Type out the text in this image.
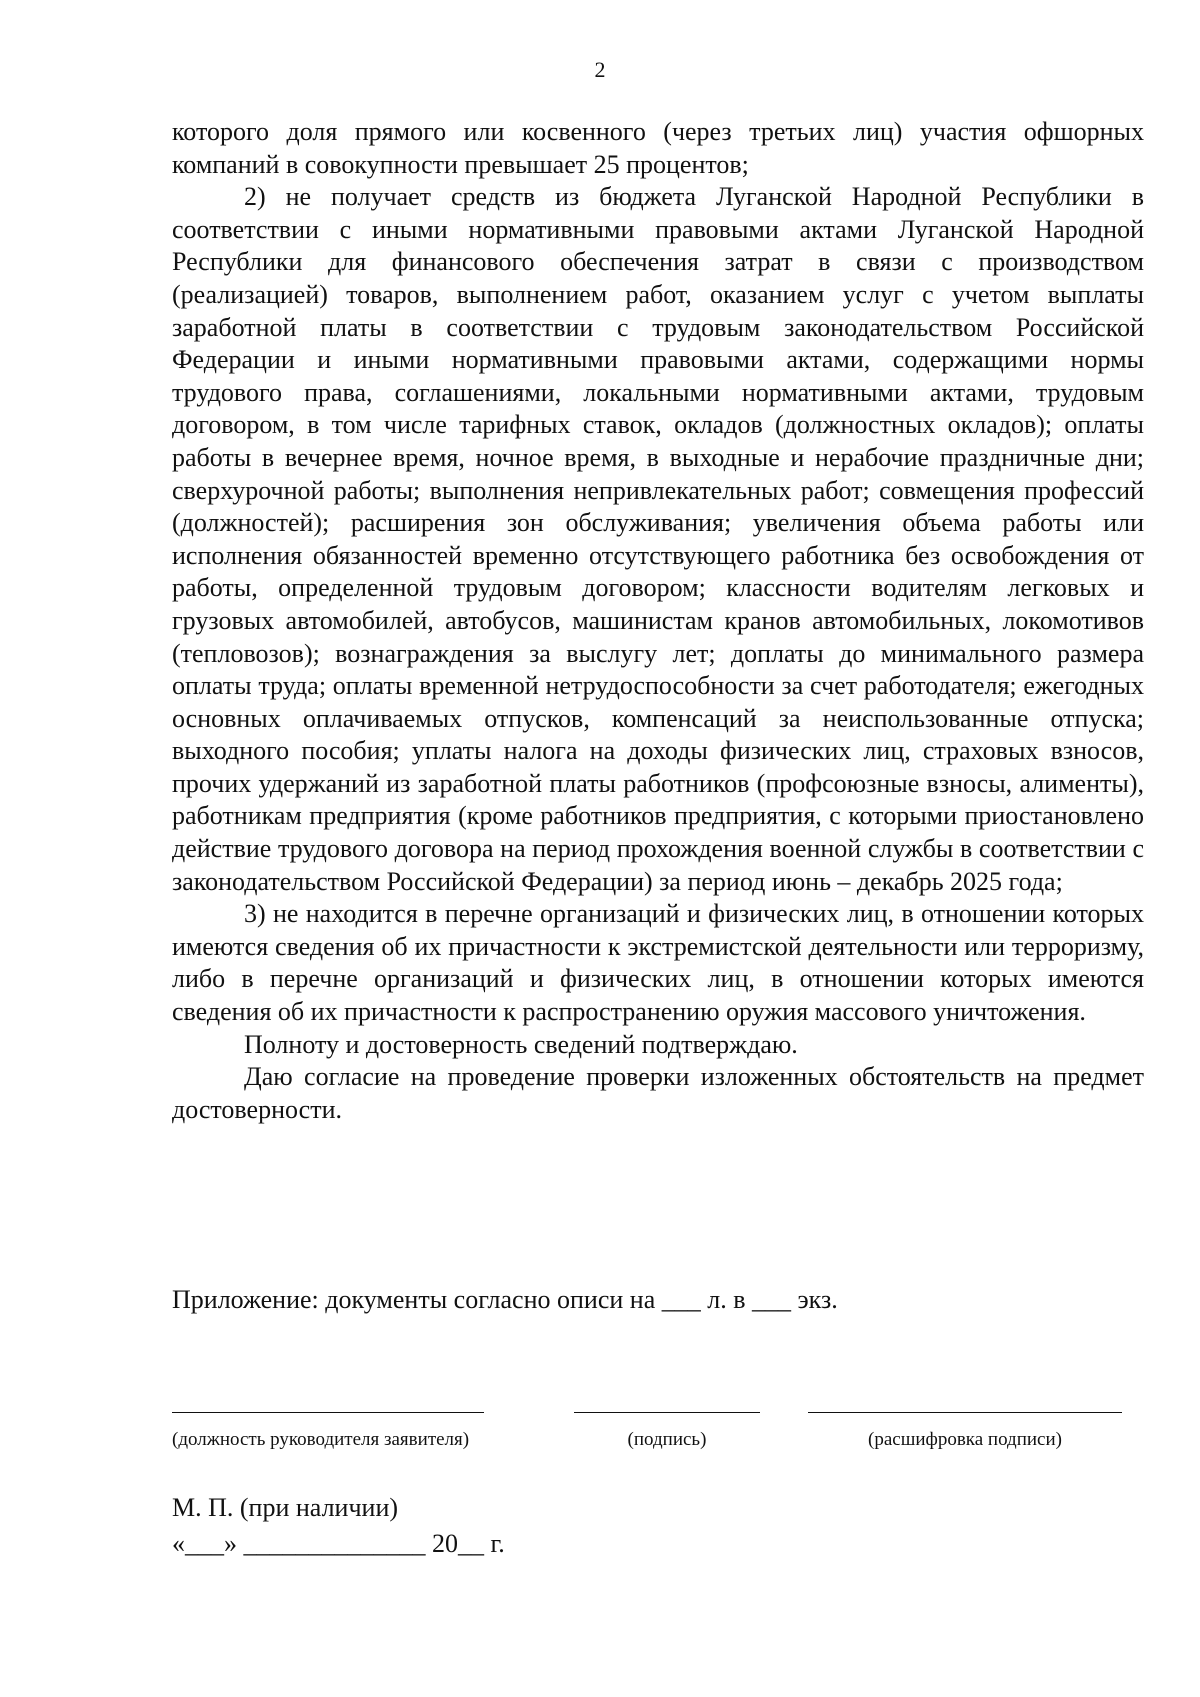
2

которого доля прямого или косвенного (через третьих лиц) участия офшорных компаний в совокупности превышает 25 процентов;

2) не получает средств из бюджета Луганской Народной Республики в соответствии с иными нормативными правовыми актами Луганской Народной Республики для финансового обеспечения затрат в связи с производством (реализацией) товаров, выполнением работ, оказанием услуг с учетом выплаты заработной платы в соответствии с трудовым законодательством Российской Федерации и иными нормативными правовыми актами, содержащими нормы трудового права, соглашениями, локальными нормативными актами, трудовым договором, в том числе тарифных ставок, окладов (должностных окладов); оплаты работы в вечернее время, ночное время, в выходные и нерабочие праздничные дни; сверхурочной работы; выполнения непривлекательных работ; совмещения профессий (должностей); расширения зон обслуживания; увеличения объема работы или исполнения обязанностей временно отсутствующего работника без освобождения от работы, определенной трудовым договором; классности водителям легковых и грузовых автомобилей, автобусов, машинистам кранов автомобильных, локомотивов (тепловозов); вознаграждения за выслугу лет; доплаты до минимального размера оплаты труда; оплаты временной нетрудоспособности за счет работодателя; ежегодных основных оплачиваемых отпусков, компенсаций за неиспользованные отпуска; выходного пособия; уплаты налога на доходы физических лиц, страховых взносов, прочих удержаний из заработной платы работников (профсоюзные взносы, алименты), работникам предприятия (кроме работников предприятия, с которыми приостановлено действие трудового договора на период прохождения военной службы в соответствии с законодательством Российской Федерации) за период июнь – декабрь 2025 года;

3) не находится в перечне организаций и физических лиц, в отношении которых имеются сведения об их причастности к экстремистской деятельности или терроризму, либо в перечне организаций и физических лиц, в отношении которых имеются сведения об их причастности к распространению оружия массового уничтожения.

Полноту и достоверность сведений подтверждаю.

Даю согласие на проведение проверки изложенных обстоятельств на предмет достоверности.

Приложение: документы согласно описи на ___ л. в ___ экз.
(должность руководителя заявителя)	(подпись)	(расшифровка подписи)
М. П. (при наличии)
«___» ______________ 20__ г.
